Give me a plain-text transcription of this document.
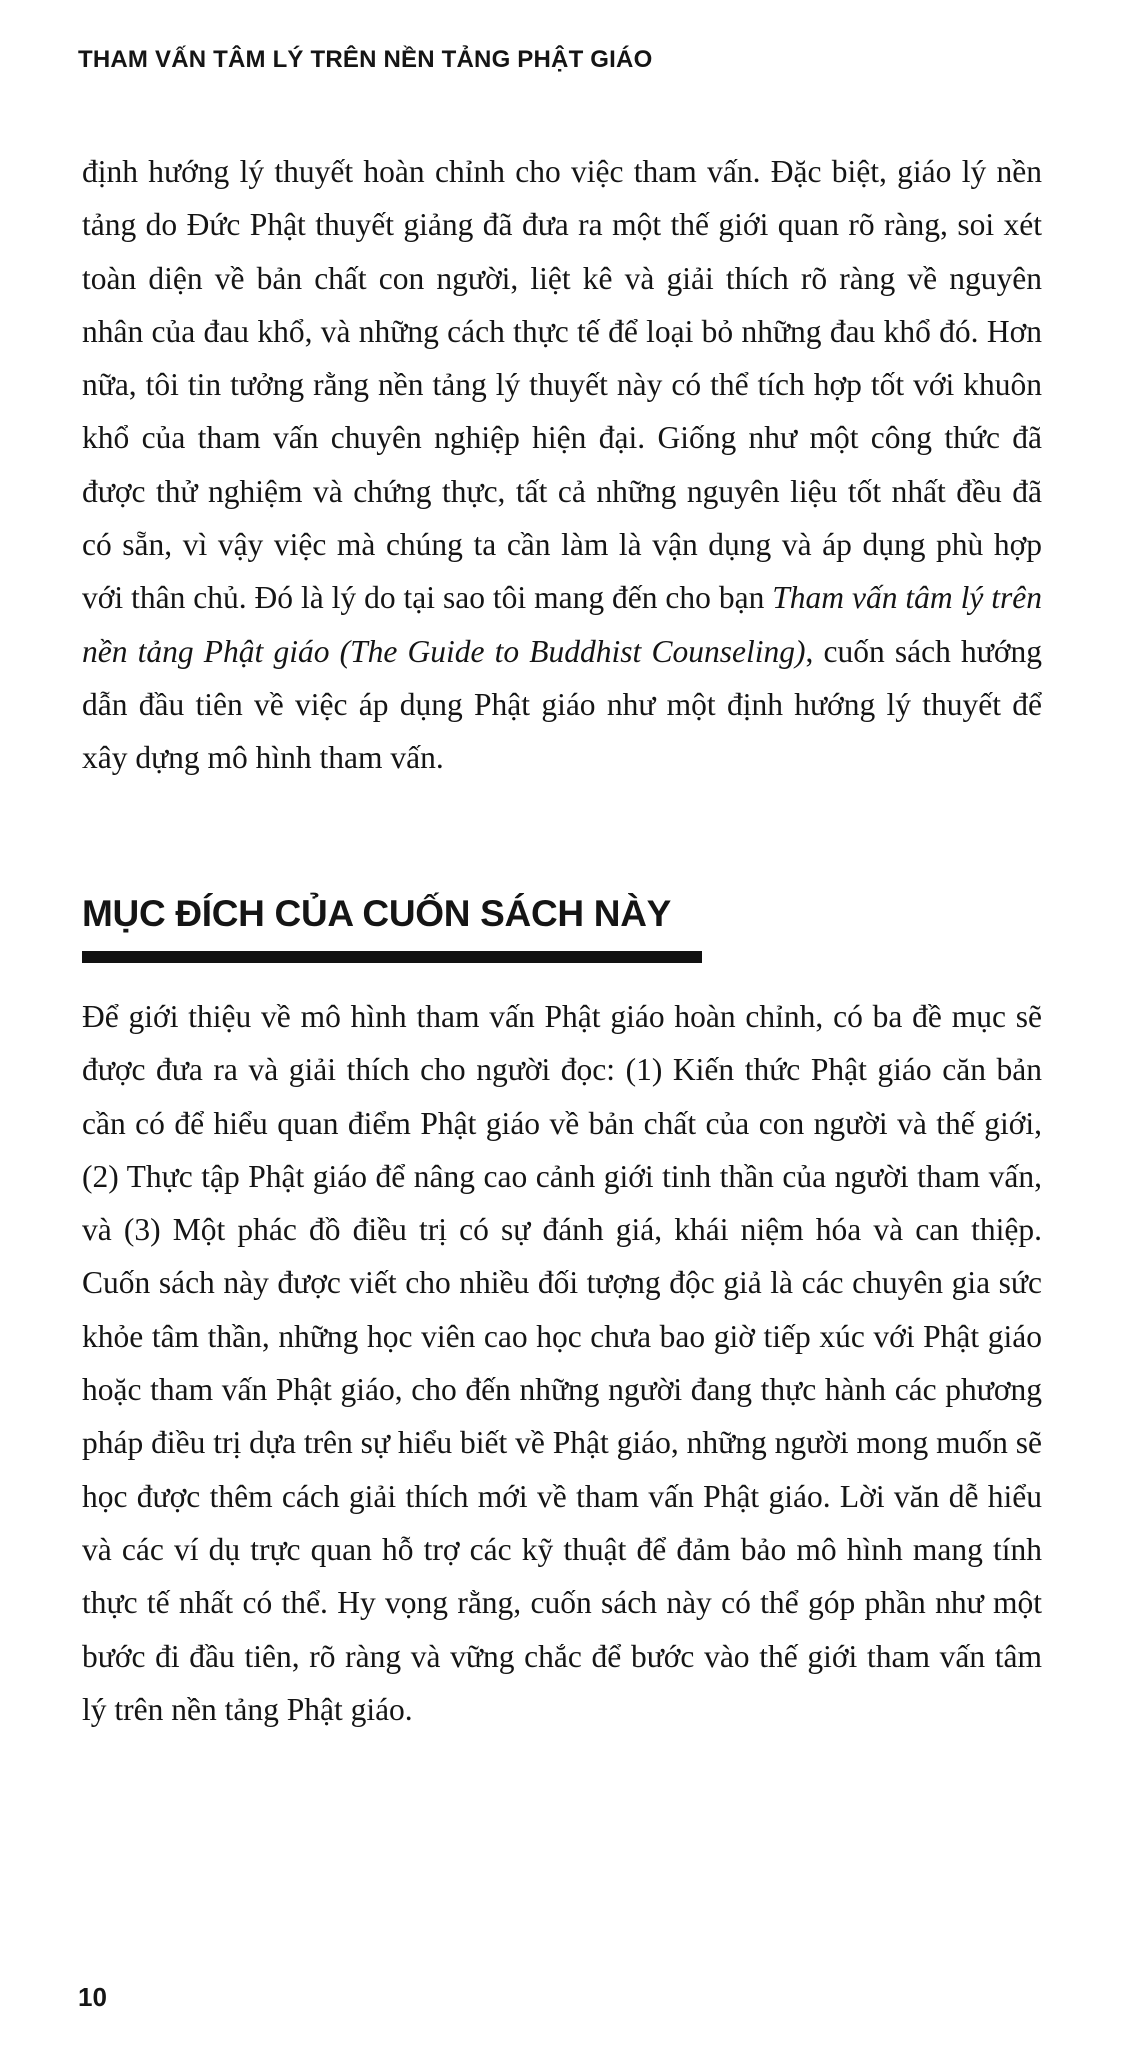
THAM VẤN TÂM LÝ TRÊN NỀN TẢNG PHẬT GIÁO

định hướng lý thuyết hoàn chỉnh cho việc tham vấn. Đặc biệt, giáo lý nền tảng do Đức Phật thuyết giảng đã đưa ra một thế giới quan rõ ràng, soi xét toàn diện về bản chất con người, liệt kê và giải thích rõ ràng về nguyên nhân của đau khổ, và những cách thực tế để loại bỏ những đau khổ đó. Hơn nữa, tôi tin tưởng rằng nền tảng lý thuyết này có thể tích hợp tốt với khuôn khổ của tham vấn chuyên nghiệp hiện đại. Giống như một công thức đã được thử nghiệm và chứng thực, tất cả những nguyên liệu tốt nhất đều đã có sẵn, vì vậy việc mà chúng ta cần làm là vận dụng và áp dụng phù hợp với thân chủ. Đó là lý do tại sao tôi mang đến cho bạn Tham vấn tâm lý trên nền tảng Phật giáo (The Guide to Buddhist Counseling), cuốn sách hướng dẫn đầu tiên về việc áp dụng Phật giáo như một định hướng lý thuyết để xây dựng mô hình tham vấn.

MỤC ĐÍCH CỦA CUỐN SÁCH NÀY

Để giới thiệu về mô hình tham vấn Phật giáo hoàn chỉnh, có ba đề mục sẽ được đưa ra và giải thích cho người đọc: (1) Kiến thức Phật giáo căn bản cần có để hiểu quan điểm Phật giáo về bản chất của con người và thế giới, (2) Thực tập Phật giáo để nâng cao cảnh giới tinh thần của người tham vấn, và (3) Một phác đồ điều trị có sự đánh giá, khái niệm hóa và can thiệp. Cuốn sách này được viết cho nhiều đối tượng độc giả là các chuyên gia sức khỏe tâm thần, những học viên cao học chưa bao giờ tiếp xúc với Phật giáo hoặc tham vấn Phật giáo, cho đến những người đang thực hành các phương pháp điều trị dựa trên sự hiểu biết về Phật giáo, những người mong muốn sẽ học được thêm cách giải thích mới về tham vấn Phật giáo. Lời văn dễ hiểu và các ví dụ trực quan hỗ trợ các kỹ thuật để đảm bảo mô hình mang tính thực tế nhất có thể. Hy vọng rằng, cuốn sách này có thể góp phần như một bước đi đầu tiên, rõ ràng và vững chắc để bước vào thế giới tham vấn tâm lý trên nền tảng Phật giáo.

10
